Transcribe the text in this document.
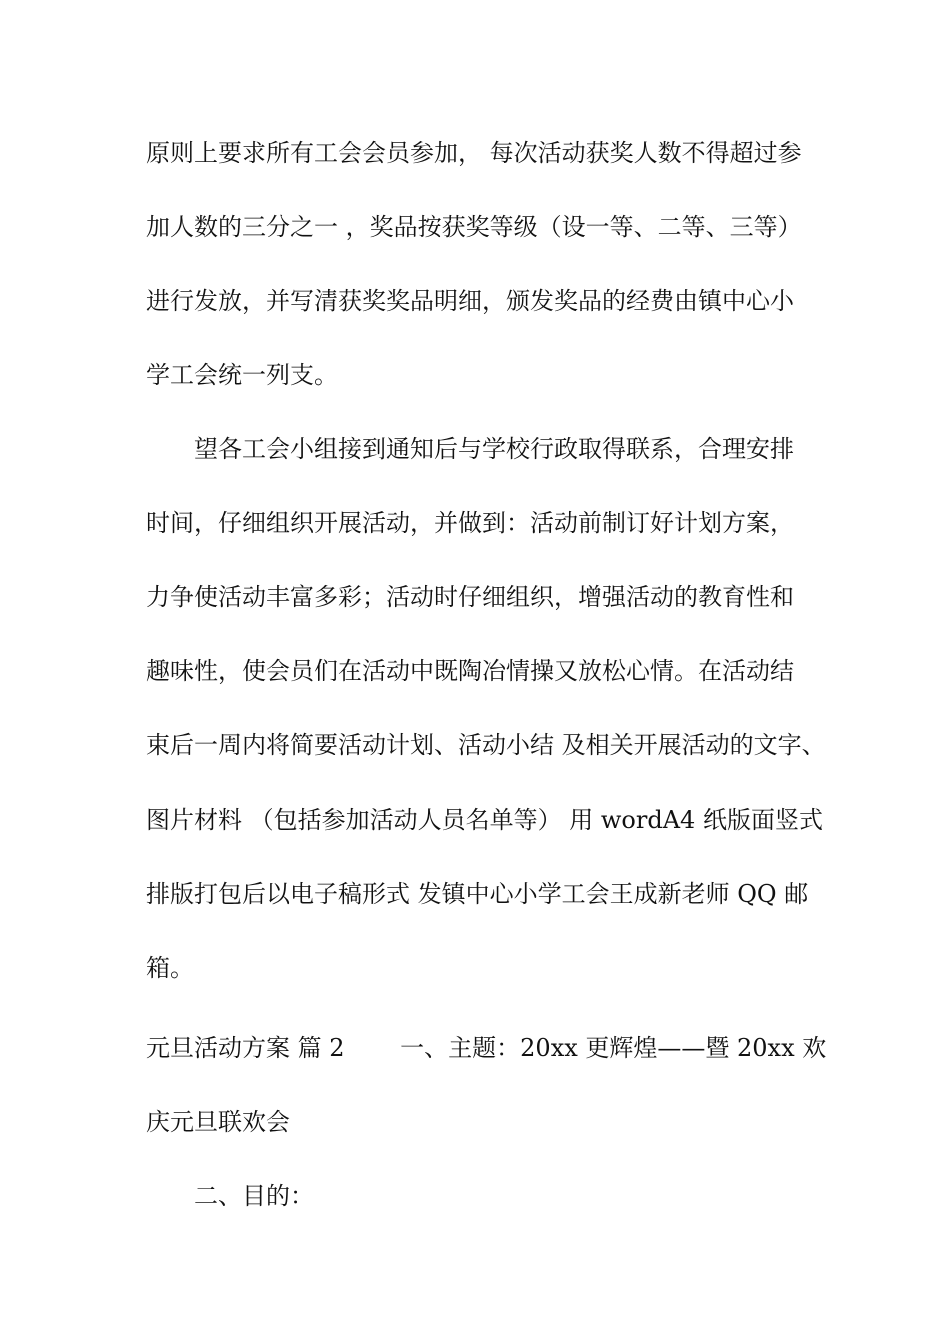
原则上要求所有工会会员参加， 每次活动获奖人数不得超过参
加人数的三分之一 ，奖品按获奖等级（设一等、二等、三等）
进行发放，并写清获奖奖品明细，颁发奖品的经费由镇中心小
学工会统一列支。
望各工会小组接到通知后与学校行政取得联系，合理安排
时间，仔细组织开展活动，并做到：活动前制订好计划方案，
力争使活动丰富多彩；活动时仔细组织，增强活动的教育性和
趣味性，使会员们在活动中既陶冶情操又放松心情。在活动结
束后一周内将简要活动计划、活动小结 及相关开展活动的文字、
图片材料 （包括参加活动人员名单等） 用 wordA4 纸版面竖式
排版打包后以电子稿形式 发镇中心小学工会王成新老师 QQ 邮
箱。
元旦活动方案 篇 2 　　一、主题：20xx 更辉煌——暨 20xx 欢
庆元旦联欢会
二、目的：
